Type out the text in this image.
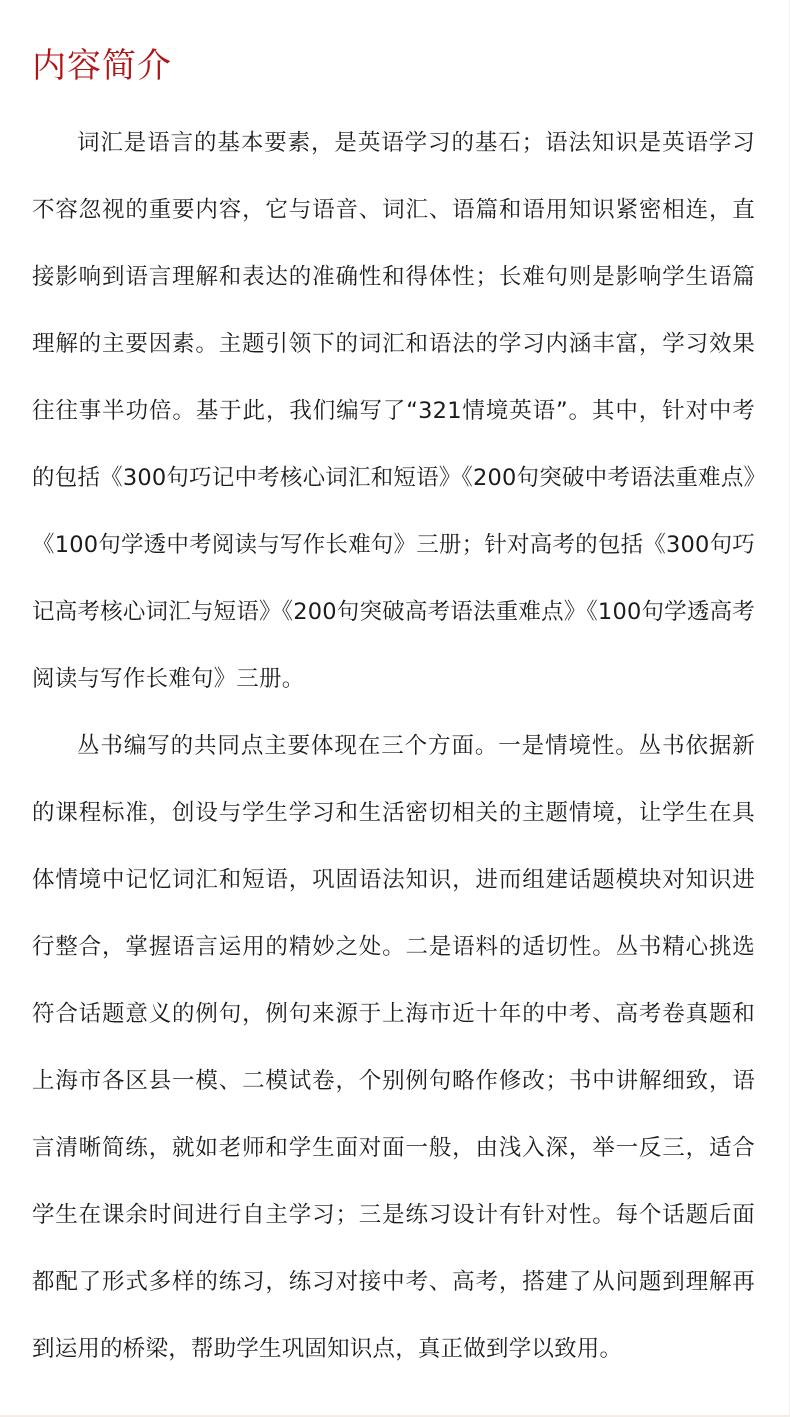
内容简介

词汇是语言的基本要素，是英语学习的基石；语法知识是英语学习不容忽视的重要内容，它与语音、词汇、语篇和语用知识紧密相连，直接影响到语言理解和表达的准确性和得体性；长难句则是影响学生语篇理解的主要因素。主题引领下的词汇和语法的学习内涵丰富，学习效果往往事半功倍。基于此，我们编写了“321情境英语”。其中，针对中考的包括《300句巧记中考核心词汇和短语》《200句突破中考语法重难点》《100句学透中考阅读与写作长难句》三册；针对高考的包括《300句巧记高考核心词汇与短语》《200句突破高考语法重难点》《100句学透高考阅读与写作长难句》三册。

丛书编写的共同点主要体现在三个方面。一是情境性。丛书依据新的课程标准，创设与学生学习和生活密切相关的主题情境，让学生在具体情境中记忆词汇和短语，巩固语法知识，进而组建话题模块对知识进行整合，掌握语言运用的精妙之处。二是语料的适切性。丛书精心挑选符合话题意义的例句，例句来源于上海市近十年的中考、高考卷真题和上海市各区县一模、二模试卷，个别例句略作修改；书中讲解细致，语言清晰简练，就如老师和学生面对面一般，由浅入深，举一反三，适合学生在课余时间进行自主学习；三是练习设计有针对性。每个话题后面都配了形式多样的练习，练习对接中考、高考，搭建了从问题到理解再到运用的桥梁，帮助学生巩固知识点，真正做到学以致用。
